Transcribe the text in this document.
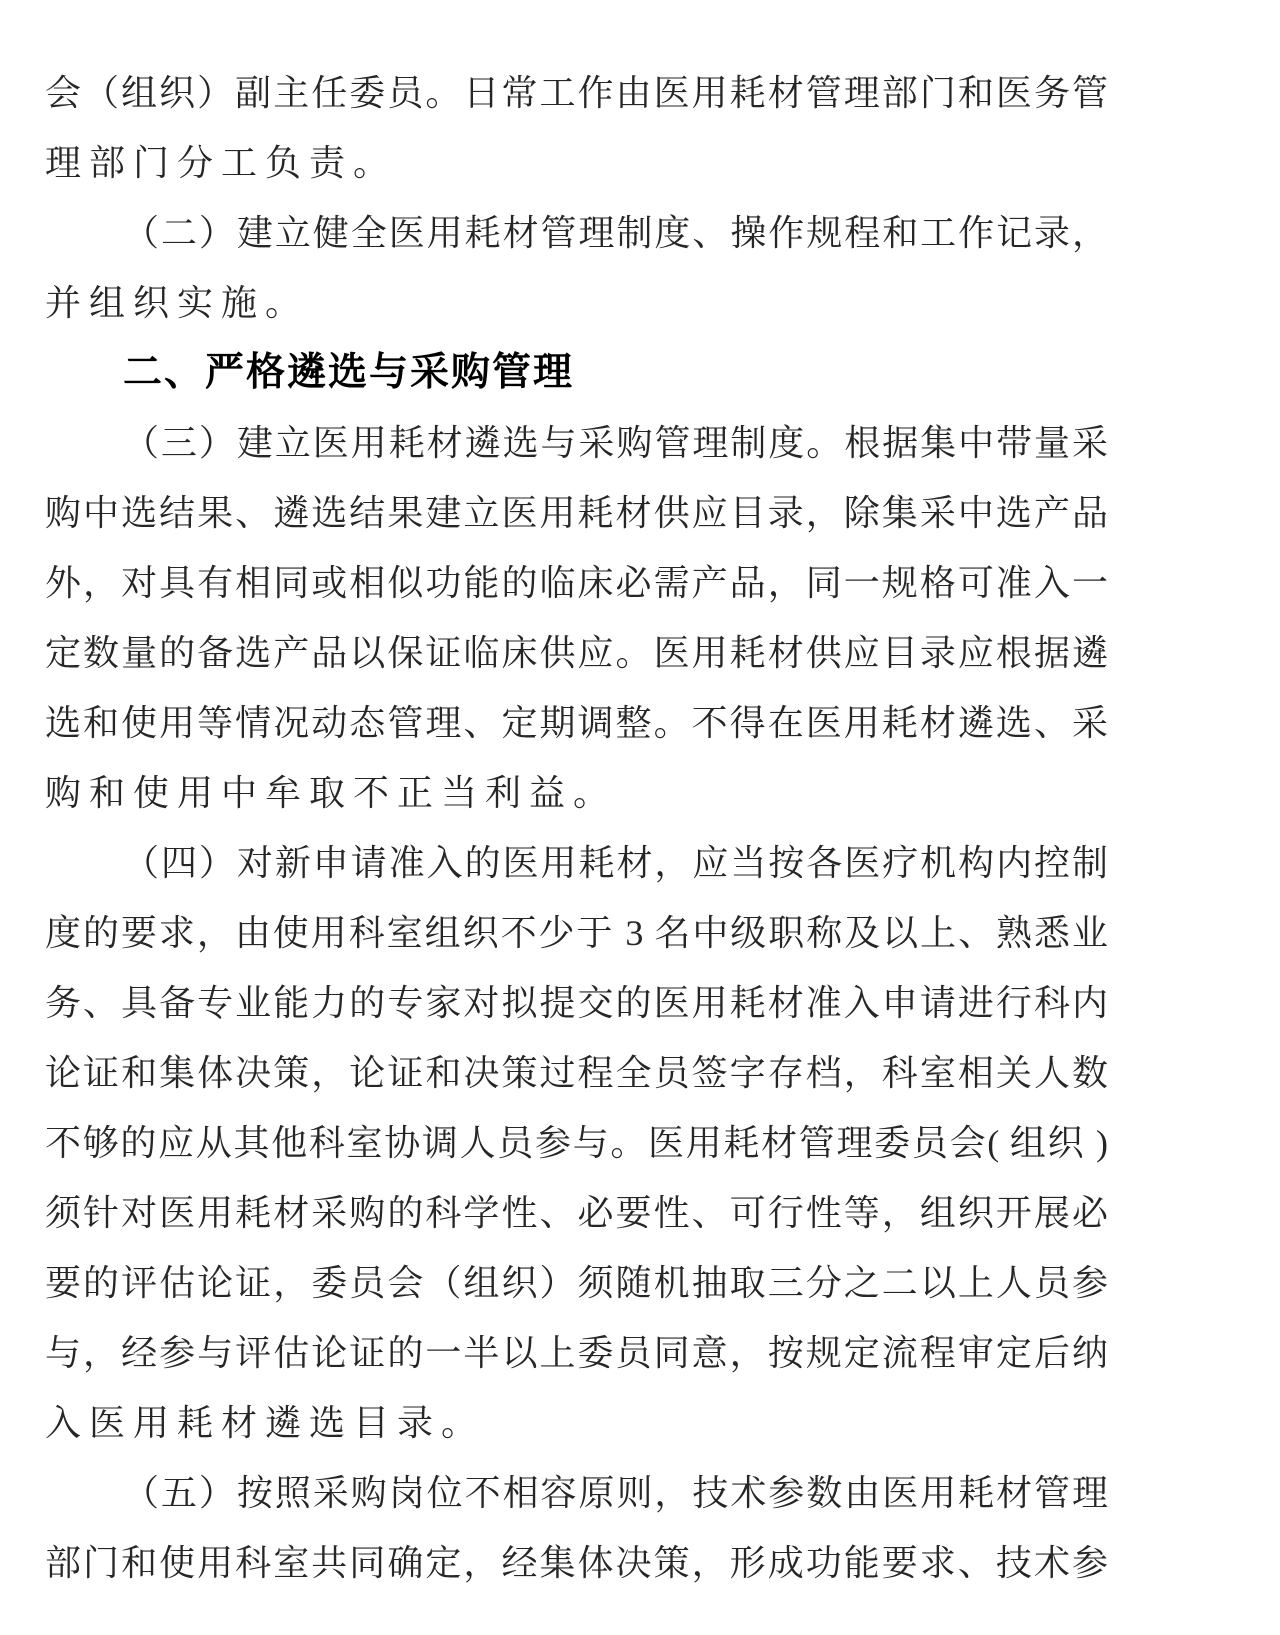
会（组织）副主任委员。日常工作由医用耗材管理部门和医务管
理部门分工负责。
（二）建立健全医用耗材管理制度、操作规程和工作记录，
并组织实施。
二、严格遴选与采购管理
（三）建立医用耗材遴选与采购管理制度。根据集中带量采
购中选结果、遴选结果建立医用耗材供应目录，除集采中选产品
外，对具有相同或相似功能的临床必需产品，同一规格可准入一
定数量的备选产品以保证临床供应。医用耗材供应目录应根据遴
选和使用等情况动态管理、定期调整。不得在医用耗材遴选、采
购和使用中牟取不正当利益。
（四）对新申请准入的医用耗材，应当按各医疗机构内控制
度的要求，由使用科室组织不少于 3 名中级职称及以上、熟悉业
务、具备专业能力的专家对拟提交的医用耗材准入申请进行科内
论证和集体决策，论证和决策过程全员签字存档，科室相关人数
不够的应从其他科室协调人员参与。医用耗材管理委员会( 组织 )
须针对医用耗材采购的科学性、必要性、可行性等，组织开展必
要的评估论证，委员会（组织）须随机抽取三分之二以上人员参
与，经参与评估论证的一半以上委员同意，按规定流程审定后纳
入医用耗材遴选目录。
（五）按照采购岗位不相容原则，技术参数由医用耗材管理
部门和使用科室共同确定，经集体决策，形成功能要求、技术参
